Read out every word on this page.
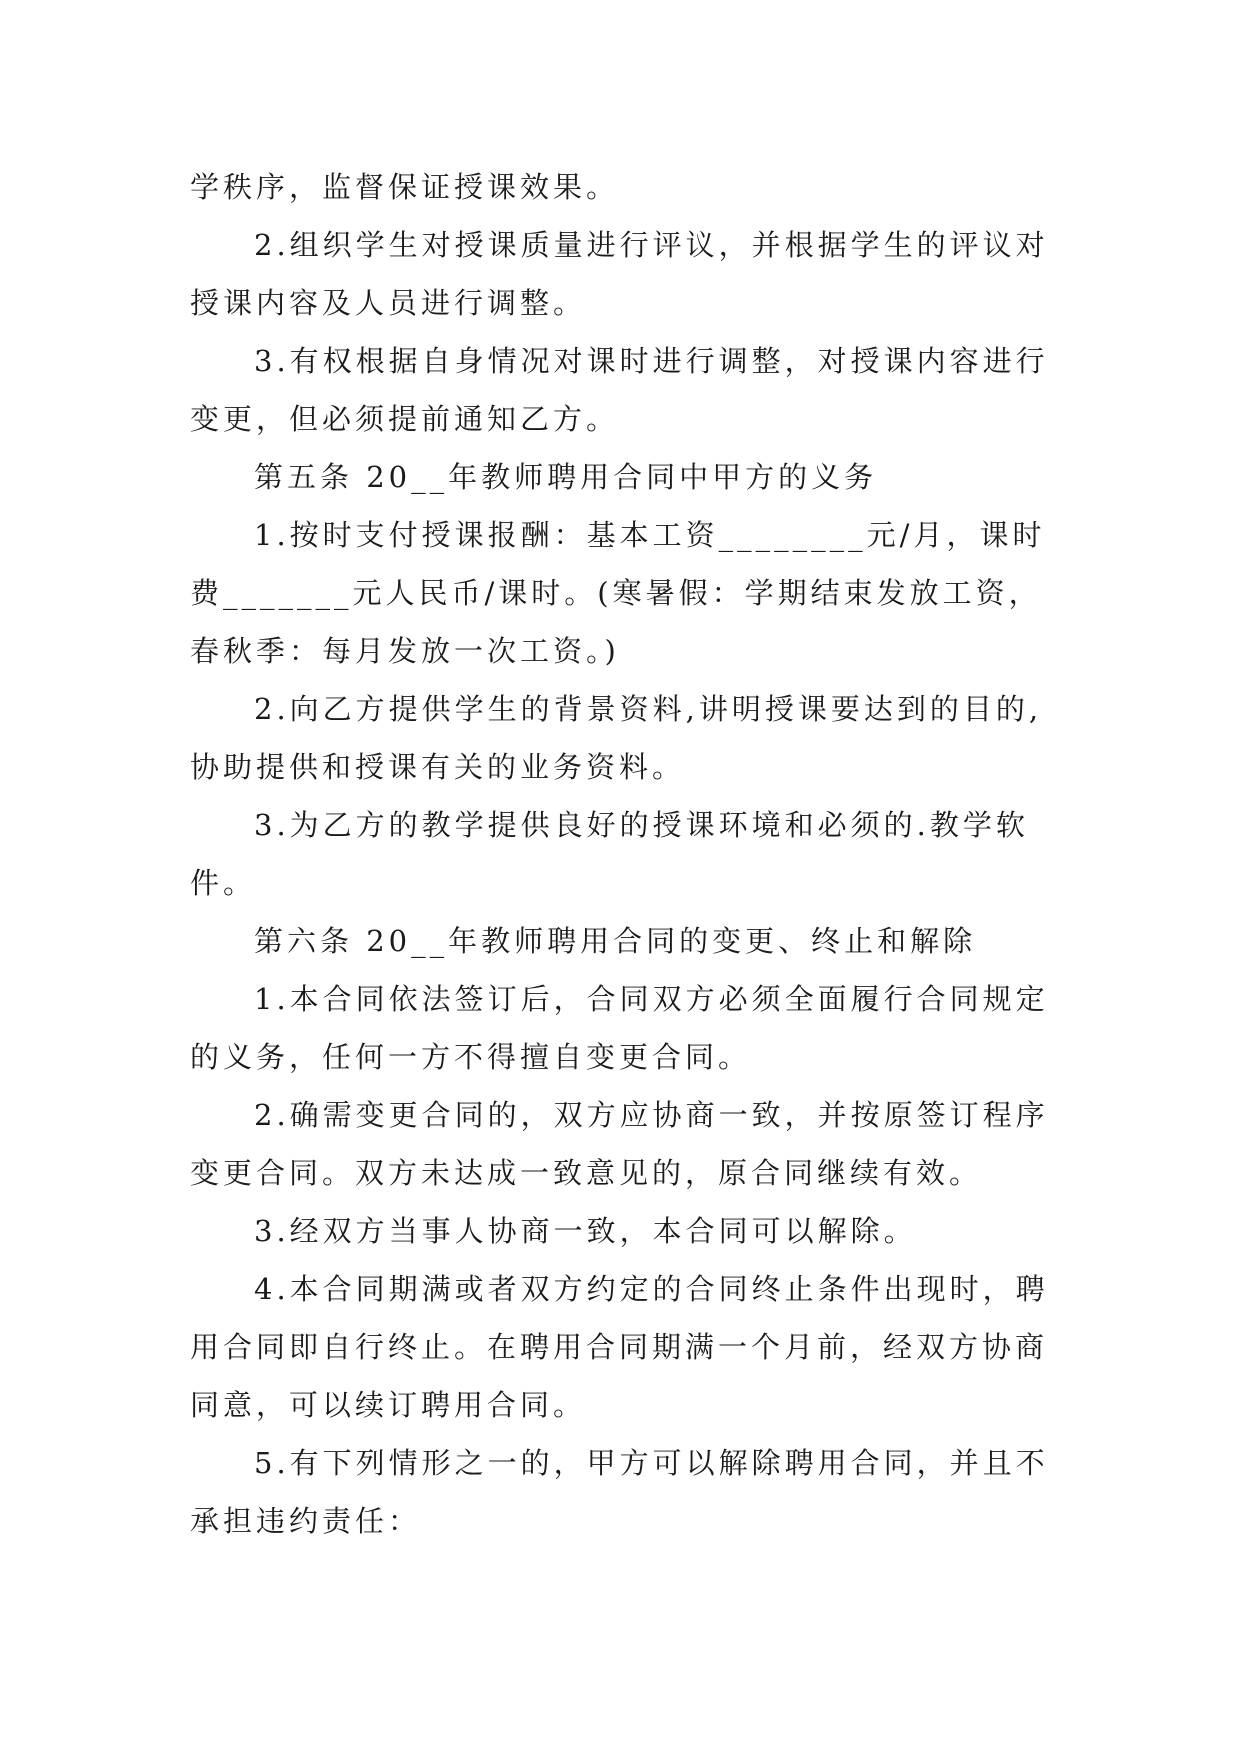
学秩序，监督保证授课效果。
2.组织学生对授课质量进行评议，并根据学生的评议对
授课内容及人员进行调整。
3.有权根据自身情况对课时进行调整，对授课内容进行
变更，但必须提前通知乙方。
第五条 20__年教师聘用合同中甲方的义务
1.按时支付授课报酬：基本工资________元/月，课时
费_______元人民币/课时。(寒暑假：学期结束发放工资，
春秋季：每月发放一次工资。)
2.向乙方提供学生的背景资料,讲明授课要达到的目的,
协助提供和授课有关的业务资料。
3.为乙方的教学提供良好的授课环境和必须的.教学软
件。
第六条 20__年教师聘用合同的变更、终止和解除
1.本合同依法签订后，合同双方必须全面履行合同规定
的义务，任何一方不得擅自变更合同。
2.确需变更合同的，双方应协商一致，并按原签订程序
变更合同。双方未达成一致意见的，原合同继续有效。
3.经双方当事人协商一致，本合同可以解除。
4.本合同期满或者双方约定的合同终止条件出现时，聘
用合同即自行终止。在聘用合同期满一个月前，经双方协商
同意，可以续订聘用合同。
5.有下列情形之一的，甲方可以解除聘用合同，并且不
承担违约责任：
